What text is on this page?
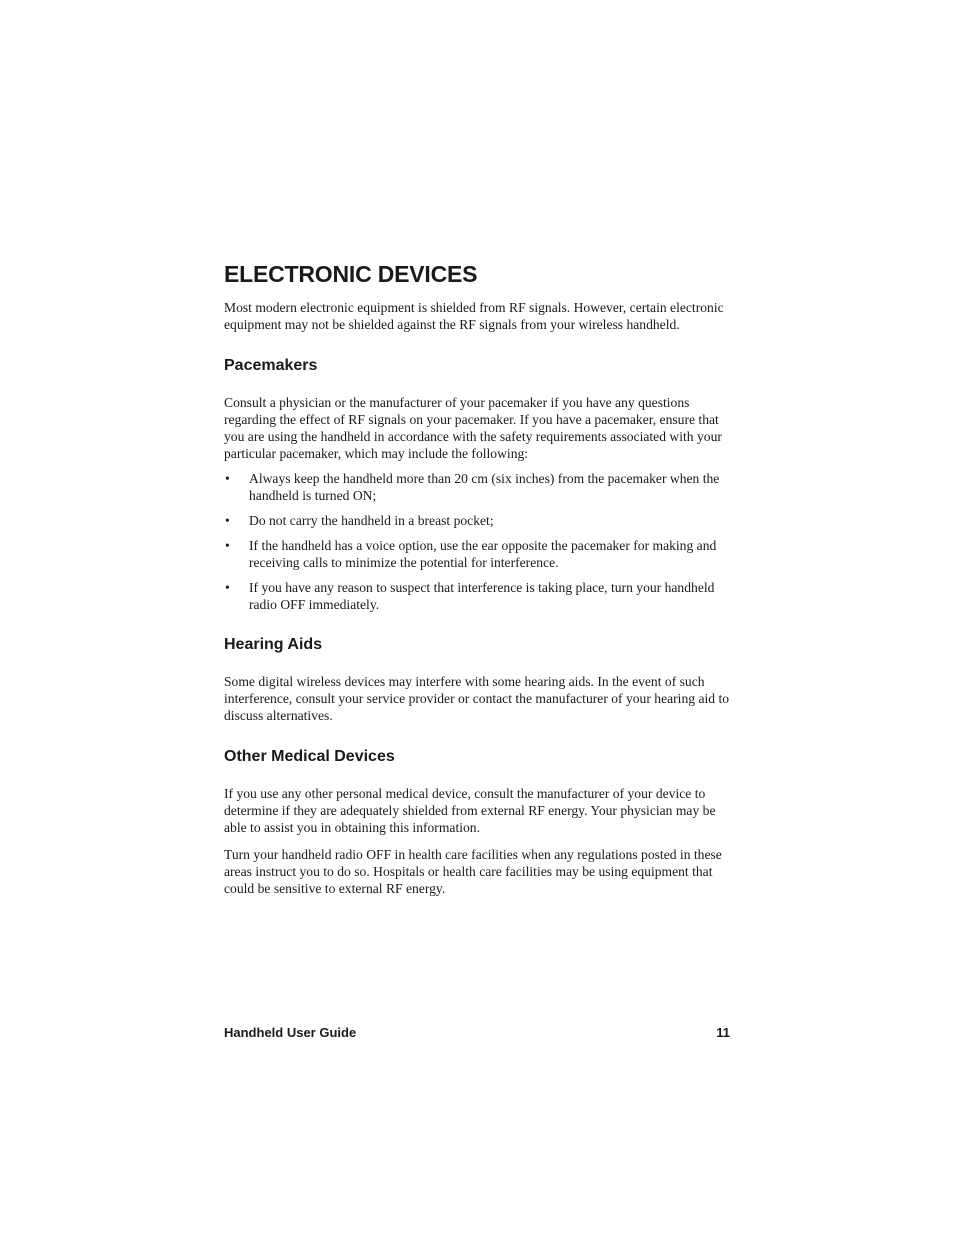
ELECTRONIC DEVICES

Most modern electronic equipment is shielded from RF signals. However, certain electronic equipment may not be shielded against the RF signals from your wireless handheld.

Pacemakers

Consult a physician or the manufacturer of your pacemaker if you have any questions regarding the effect of RF signals on your pacemaker. If you have a pacemaker, ensure that you are using the handheld in accordance with the safety requirements associated with your particular pacemaker, which may include the following:

• Always keep the handheld more than 20 cm (six inches) from the pacemaker when the handheld is turned ON;
• Do not carry the handheld in a breast pocket;
• If the handheld has a voice option, use the ear opposite the pacemaker for making and receiving calls to minimize the potential for interference.
• If you have any reason to suspect that interference is taking place, turn your handheld radio OFF immediately.
Hearing Aids

Some digital wireless devices may interfere with some hearing aids. In the event of such interference, consult your service provider or contact the manufacturer of your hearing aid to discuss alternatives.

Other Medical Devices

If you use any other personal medical device, consult the manufacturer of your device to determine if they are adequately shielded from external RF energy. Your physician may be able to assist you in obtaining this information.

Turn your handheld radio OFF in health care facilities when any regulations posted in these areas instruct you to do so. Hospitals or health care facilities may be using equipment that could be sensitive to external RF energy.

Handheld User Guide	11
